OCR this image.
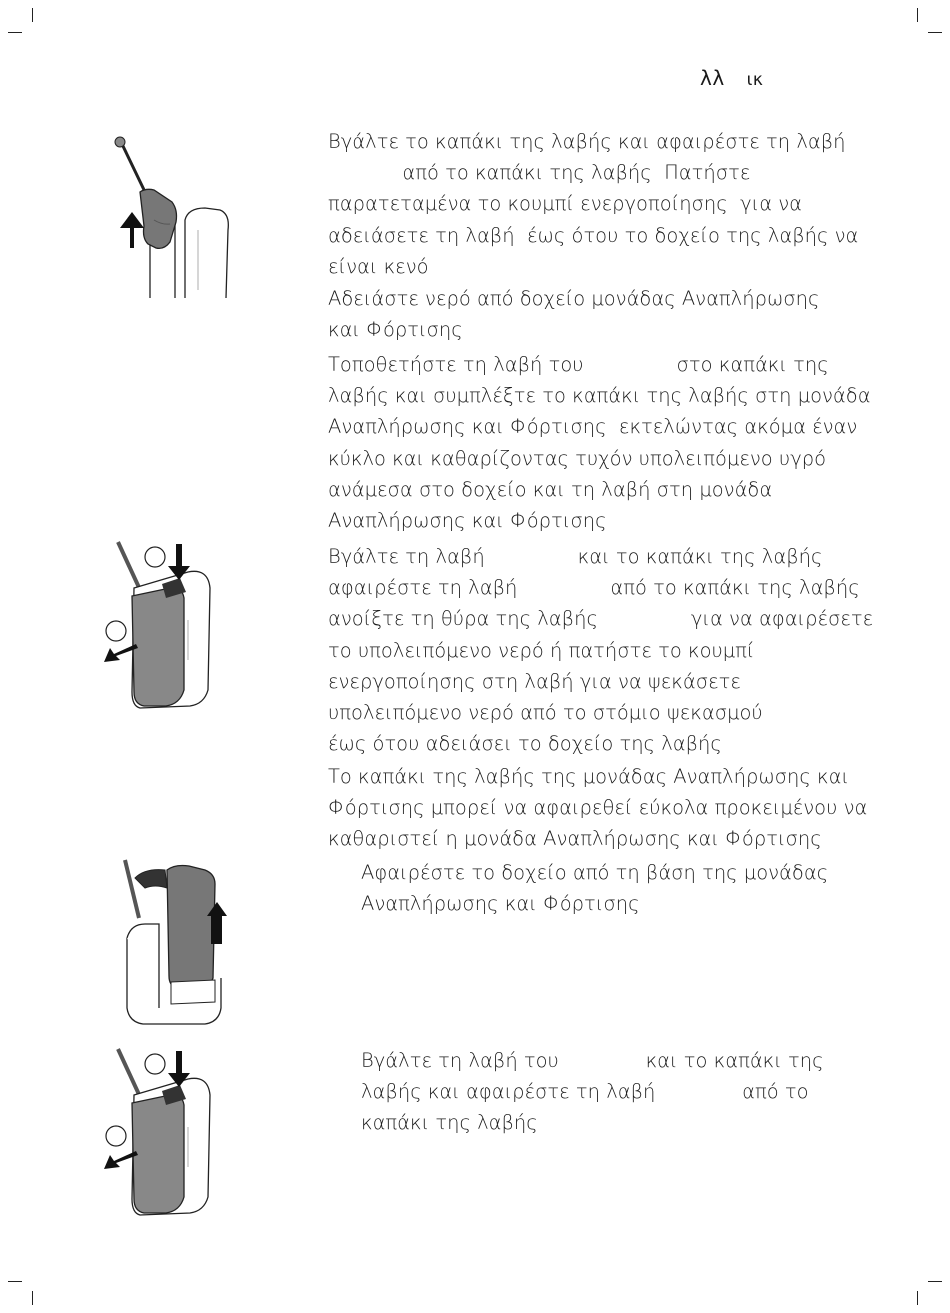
λλ ικ
Βγάλτε το καπάκι της λαβής και αφαιρέστε τη λαβή
από το καπάκι της λαβής  Πατήστε
παρατεταμένα το κουμπί ενεργοποίησης  για να
αδειάσετε τη λαβή  έως ότου το δοχείο της λαβής να
είναι κενό
Αδειάστε νερό από δοχείο μονάδας Αναπλήρωσης
και Φόρτισης
Τοποθετήστε τη λαβή του               στο καπάκι της
λαβής και συμπλέξτε το καπάκι της λαβής στη μονάδα
Αναπλήρωσης και Φόρτισης  εκτελώντας ακόμα έναν
κύκλο και καθαρίζοντας τυχόν υπολειπόμενο υγρό
ανάμεσα στο δοχείο και τη λαβή στη μονάδα
Αναπλήρωσης και Φόρτισης
Βγάλτε τη λαβή               και το καπάκι της λαβής
αφαιρέστε τη λαβή               από το καπάκι της λαβής
ανοίξτε τη θύρα της λαβής               για να αφαιρέσετε
το υπολειπόμενο νερό ή πατήστε το κουμπί
ενεργοποίησης στη λαβή για να ψεκάσετε
υπολειπόμενο νερό από το στόμιο ψεκασμού
έως ότου αδειάσει το δοχείο της λαβής
Το καπάκι της λαβής της μονάδας Αναπλήρωσης και
Φόρτισης μπορεί να αφαιρεθεί εύκολα προκειμένου να
καθαριστεί η μονάδα Αναπλήρωσης και Φόρτισης
Αφαιρέστε το δοχείο από τη βάση της μονάδας
Αναπλήρωσης και Φόρτισης
Βγάλτε τη λαβή του              και το καπάκι της
λαβής και αφαιρέστε τη λαβή              από το
καπάκι της λαβής
